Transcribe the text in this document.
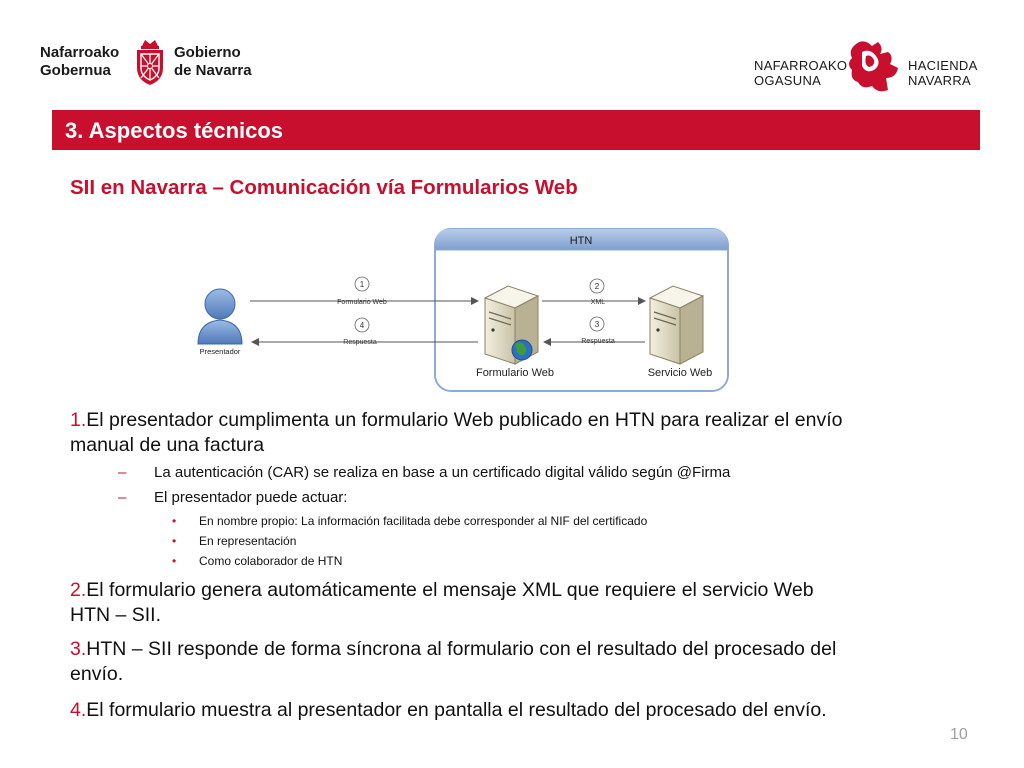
Nafarroako
Gobernua
Gobierno
de Navarra	NAFARROAKO
OGASUNA
HACIENDA
NAVARRA
3. Aspectos técnicos
SII en Navarra – Comunicación vía Formularios Web
HTN
Presentador
Formulario Web	Servicio Web
1
Formulario Web
4
Respuesta
2
XML
3
Respuesta
1.El presentador cumplimenta un formulario Web publicado en HTN para realizar el envío
manual de una factura
– La autenticación (CAR) se realiza en base a un certificado digital válido según @Firma
– El presentador puede actuar:
• En nombre propio: La información facilitada debe corresponder al NIF del certificado
• En representación
• Como colaborador de HTN
2.El formulario genera automáticamente el mensaje XML que requiere el servicio Web
HTN – SII.
3.HTN – SII responde de forma síncrona al formulario con el resultado del procesado del
envío.
4.El formulario muestra al presentador en pantalla el resultado del procesado del envío.
10
